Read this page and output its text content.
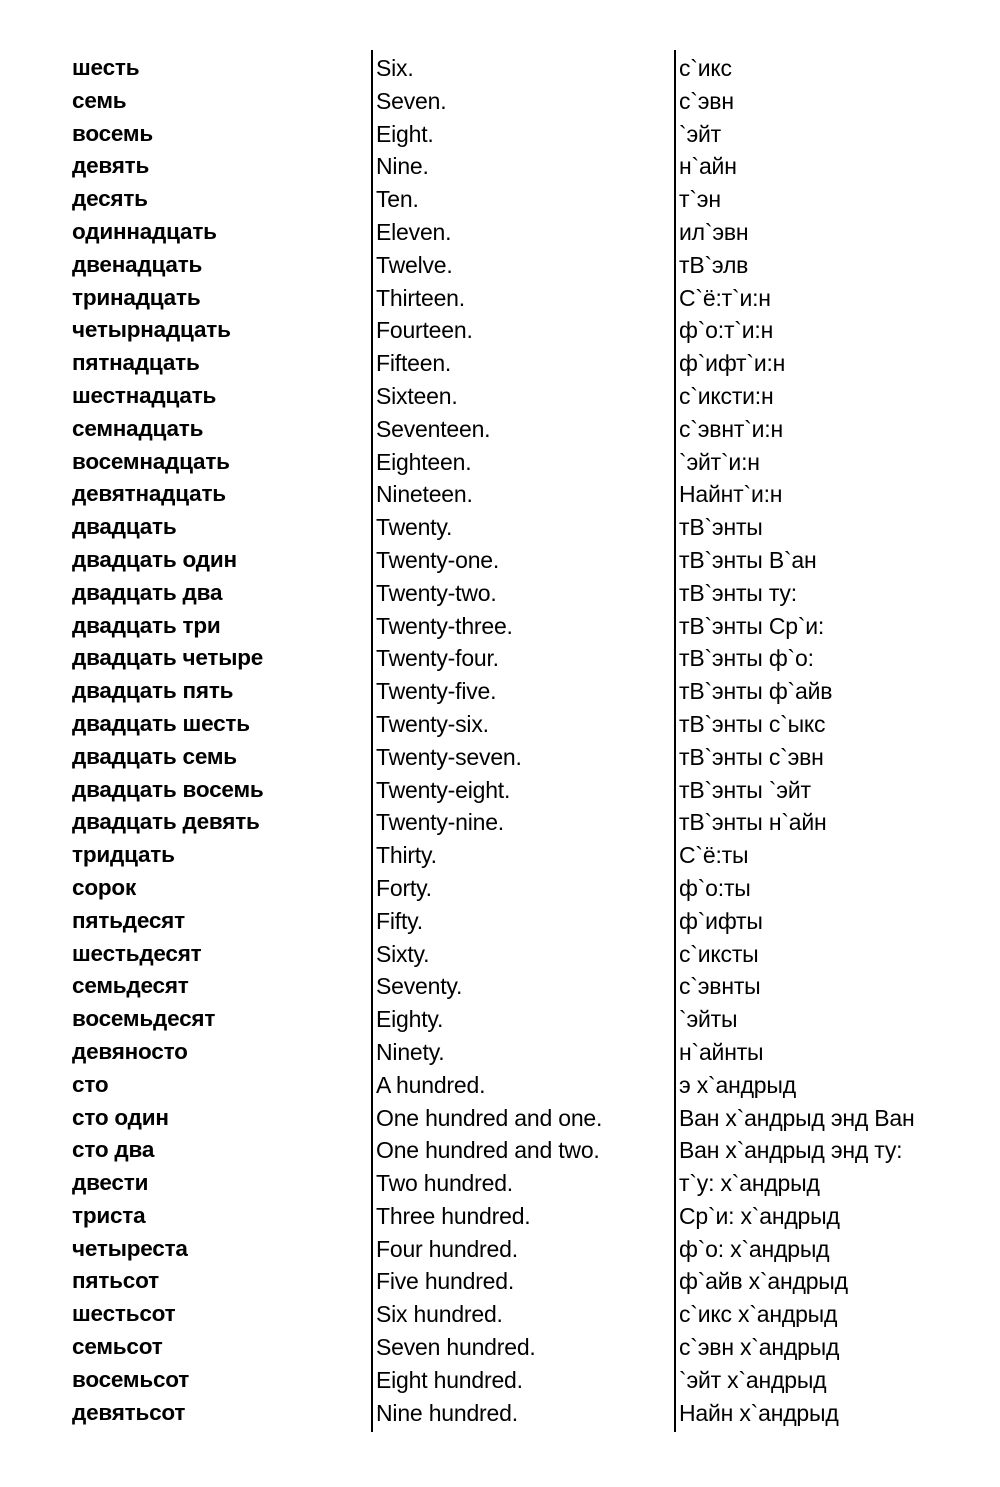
шесть
семь
восемь
девять
десять
одиннадцать
двенадцать
тринадцать
четырнадцать
пятнадцать
шестнадцать
семнадцать
восемнадцать
девятнадцать
двадцать
двадцать один
двадцать два
двадцать три
двадцать четыре
двадцать пять
двадцать шесть
двадцать семь
двадцать восемь
двадцать девять
тридцать
сорок
пятьдесят
шестьдесят
семьдесят
восемьдесят
девяносто
сто
сто один
сто два
двести
триста
четыреста
пятьсот
шестьсот
семьсот
восемьсот
девятьсот
Six.
Seven.
Eight.
Nine.
Ten.
Eleven.
Twelve.
Thirteen.
Fourteen.
Fifteen.
Sixteen.
Seventeen.
Eighteen.
Nineteen.
Twenty.
Twenty-one.
Twenty-two.
Twenty-three.
Twenty-four.
Twenty-five.
Twenty-six.
Twenty-seven.
Twenty-eight.
Twenty-nine.
Thirty.
Forty.
Fifty.
Sixty.
Seventy.
Eighty.
Ninety.
A hundred.
One hundred and one.
One hundred and two.
Two hundred.
Three hundred.
Four hundred.
Five hundred.
Six hundred.
Seven hundred.
Eight hundred.
Nine hundred.
с`икс
с`эвн
`эйт
н`айн
т`эн
ил`эвн
тВ`элв
С`ё:т`и:н
ф`о:т`и:н
ф`ифт`и:н
с`иксти:н
с`эвнт`и:н
`эйт`и:н
Найнт`и:н
тВ`энты
тВ`энты В`ан
тВ`энты ту:
тВ`энты Ср`и:
тВ`энты ф`о:
тВ`энты ф`айв
тВ`энты с`ыкс
тВ`энты с`эвн
тВ`энты `эйт
тВ`энты н`айн
С`ё:ты
ф`о:ты
ф`ифты
с`иксты
с`эвнты
`эйты
н`айнты
э х`андрыд
Ван х`андрыд энд Ван
Ван х`андрыд энд ту:
т`у: х`андрыд
Ср`и: х`андрыд
ф`о: х`андрыд
ф`айв х`андрыд
с`икс х`андрыд
с`эвн х`андрыд
`эйт х`андрыд
Найн х`андрыд
